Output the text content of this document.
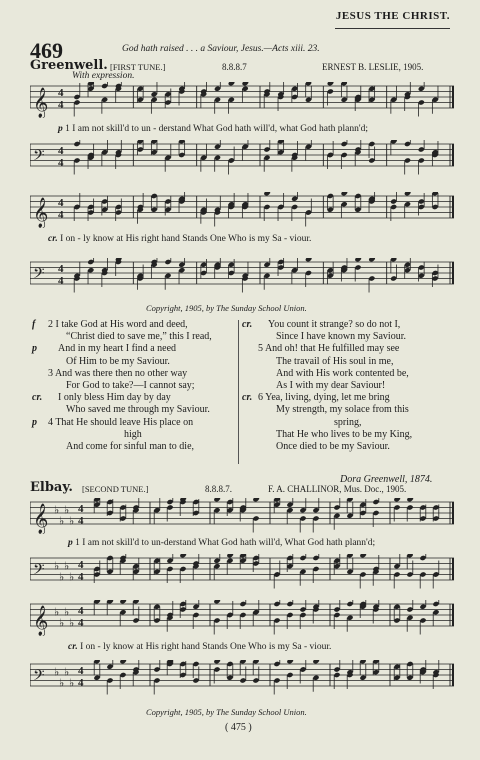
JESUS THE CHRIST.
469	God hath raised . . . a Saviour, Jesus.—Acts xiii. 23.
Greenwell. [FIRST TUNE.]	8.8.8.7	ERNEST B. LESLIE, 1905.
With expression.
𝄞 4
4
p 1 I am not skill'd to un - derstand What God hath will'd, what God hath plann'd;
𝄢 4
4
𝄞 4
4
cr. I on - ly know at His right hand Stands One Who is my Sa - viour.
𝄢 4
4
Copyright, 1905, by The Sunday School Union.
f 2 I take God at His word and deed,
“Christ died to save me,” this I read,
p And in my heart I find a need
Of Him to be my Saviour.
3 And was there then no other way
For God to take?—I cannot say;
cr. I only bless Him day by day
Who saved me through my Saviour.
p 4 That He should leave His place on
high
And come for sinful man to die,
cr. You count it strange? so do not I,
Since I have known my Saviour.
5 And oh! that He fulfilled may see
The travail of His soul in me,
And with His work contented be,
As I with my dear Saviour!
cr. 6 Yea, living, dying, let me bring
My strength, my solace from this
spring,
That He who lives to be my King,
Once died to be my Saviour.
Dora Greenwell, 1874.
Elbay. [SECOND TUNE.]	8.8.8.7.	F. A. CHALLINOR, Mus. Doc., 1905.
𝄞 ♭
♭
♭
♭
4
4
p 1 I am not skill'd to un-derstand What God hath will'd, What God hath plann'd;
𝄢 ♭
♭
♭
♭
4
4
𝄞 ♭
♭
♭
♭
4
4
cr. I on - ly know at His right hand Stands One Who is my Sa - viour.
𝄢 ♭
♭
♭
♭
4
4
Copyright, 1905, by The Sunday School Union.
( 475 )
